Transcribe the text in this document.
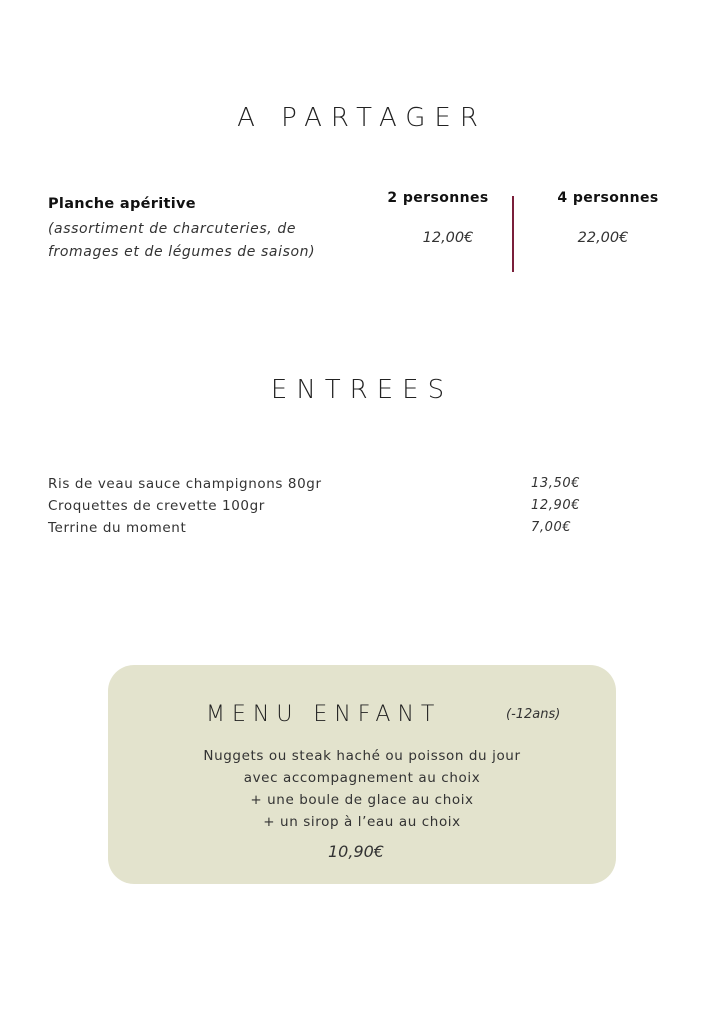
A PARTAGER
Planche apéritive
(assortiment de charcuteries, de
fromages et de légumes de saison)
2 personnes	4 personnes
12,00€	22,00€
ENTREES
Ris de veau sauce champignons 80gr	13,50€
Croquettes de crevette 100gr	12,90€
Terrine du moment	7,00€
MENU ENFANT	(-12ans)
Nuggets ou steak haché ou poisson du jour
avec accompagnement au choix
+ une boule de glace au choix
+ un sirop à l’eau au choix
10,90€
